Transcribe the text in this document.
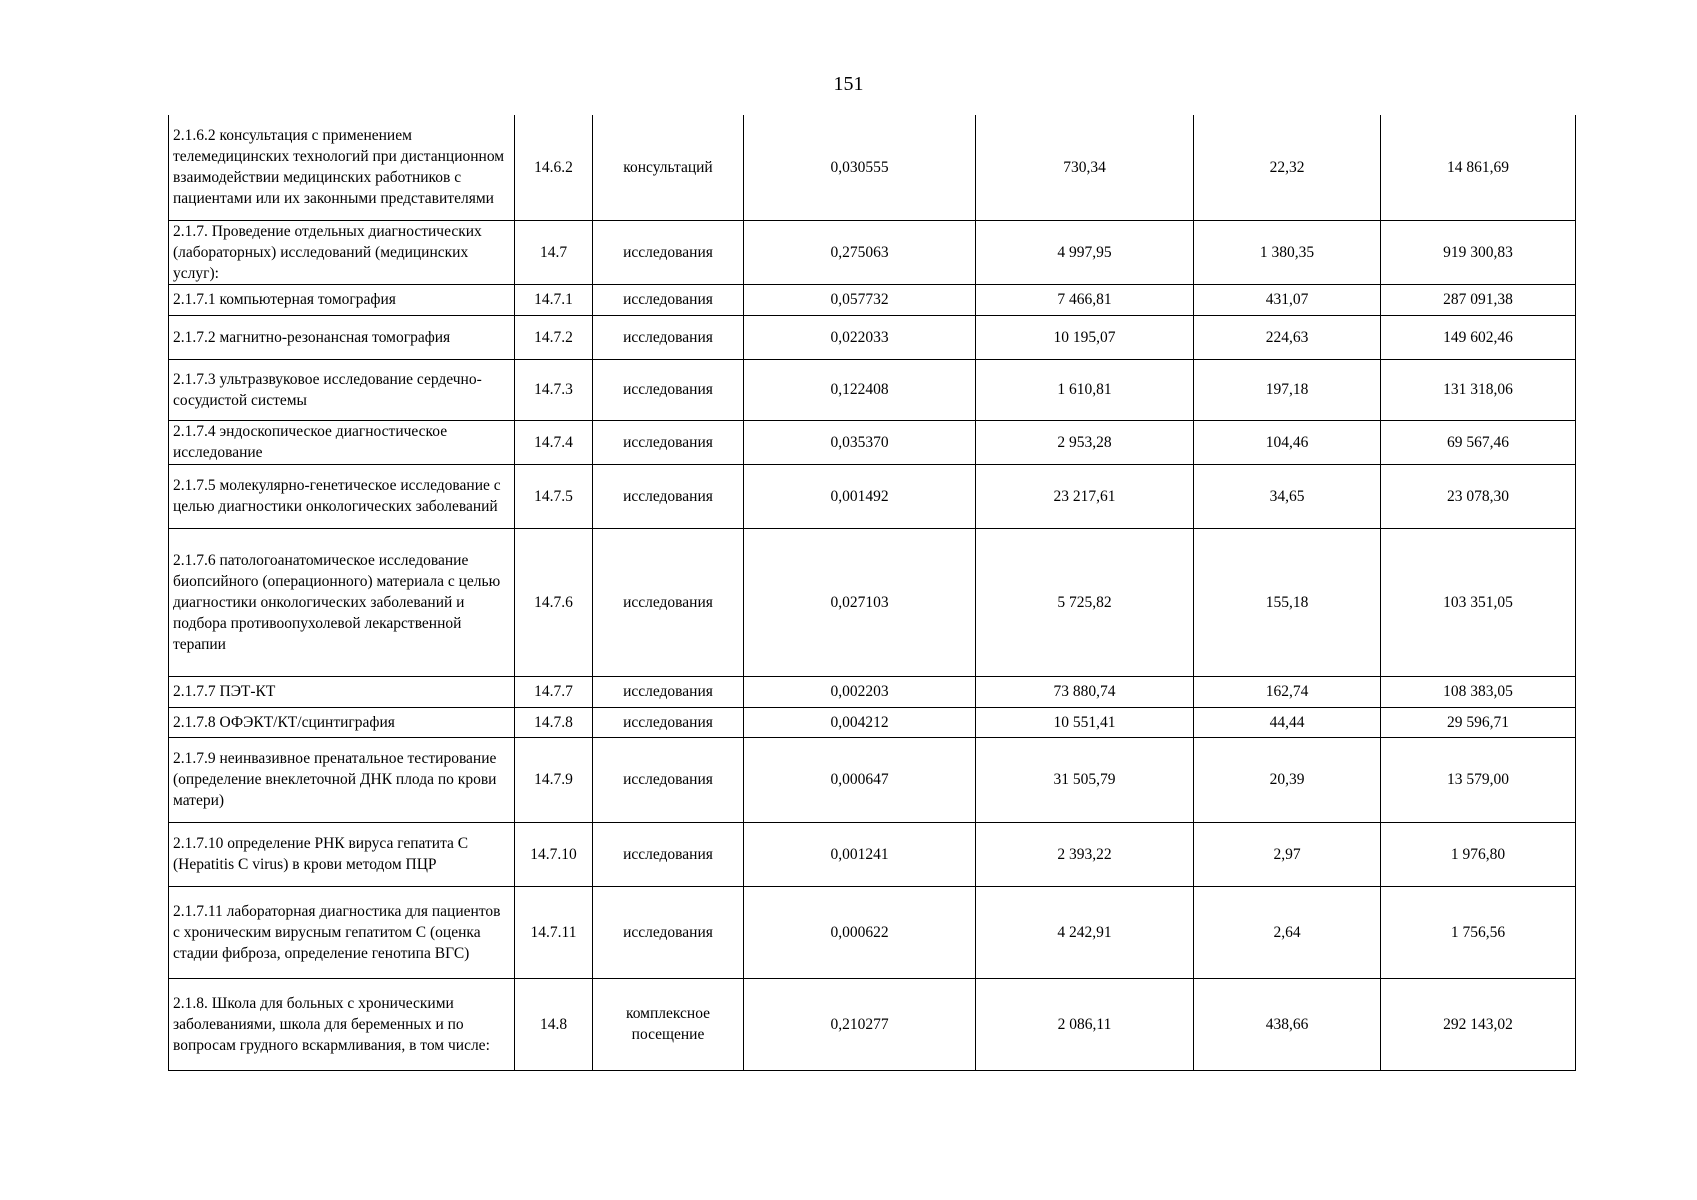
151
2.1.6.2 консультация с применением телемедицинских технологий при дистанционном взаимодействии медицинских работников с пациентами или их законными представителями	14.6.2	консультаций	0,030555	730,34	22,32	14 861,69
2.1.7. Проведение отдельных диагностических (лабораторных) исследований (медицинских услуг):	14.7	исследования	0,275063	4 997,95	1 380,35	919 300,83
2.1.7.1 компьютерная томография	14.7.1	исследования	0,057732	7 466,81	431,07	287 091,38
2.1.7.2 магнитно-резонансная томография	14.7.2	исследования	0,022033	10 195,07	224,63	149 602,46
2.1.7.3 ультразвуковое исследование сердечно-сосудистой системы	14.7.3	исследования	0,122408	1 610,81	197,18	131 318,06
2.1.7.4 эндоскопическое диагностическое исследование	14.7.4	исследования	0,035370	2 953,28	104,46	69 567,46
2.1.7.5 молекулярно-генетическое исследование с целью диагностики онкологических заболеваний	14.7.5	исследования	0,001492	23 217,61	34,65	23 078,30
2.1.7.6 патологоанатомическое исследование биопсийного (операционного) материала с целью диагностики онкологических заболеваний и подбора противоопухолевой лекарственной терапии	14.7.6	исследования	0,027103	5 725,82	155,18	103 351,05
2.1.7.7 ПЭТ-КТ	14.7.7	исследования	0,002203	73 880,74	162,74	108 383,05
2.1.7.8 ОФЭКТ/КТ/сцинтиграфия	14.7.8	исследования	0,004212	10 551,41	44,44	29 596,71
2.1.7.9 неинвазивное пренатальное тестирование (определение внеклеточной ДНК плода по крови матери)	14.7.9	исследования	0,000647	31 505,79	20,39	13 579,00
2.1.7.10 определение РНК вируса гепатита С (Hepatitis C virus) в крови методом ПЦР	14.7.10	исследования	0,001241	2 393,22	2,97	1 976,80
2.1.7.11 лабораторная диагностика для пациентов с хроническим вирусным гепатитом С (оценка стадии фиброза, определение генотипа ВГС)	14.7.11	исследования	0,000622	4 242,91	2,64	1 756,56
2.1.8. Школа для больных с хроническими заболеваниями, школа для беременных и по вопросам грудного вскармливания, в том числе:	14.8	комплексное посещение	0,210277	2 086,11	438,66	292 143,02
